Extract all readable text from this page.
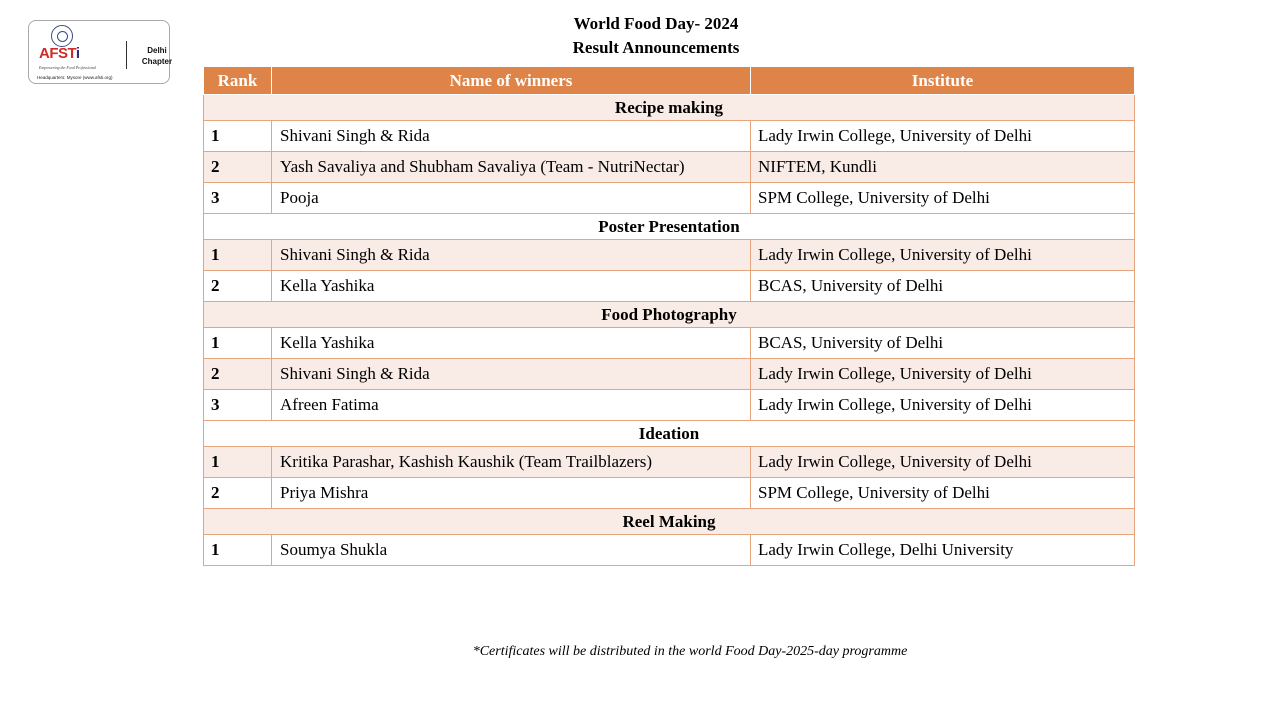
AFSTi
Empowering the Food Professional
Headquarters: Mysore (www.afsti.org)
Delhi
Chapter
World Food Day- 2024
Result Announcements
Rank	Name of winners	Institute
Recipe making		
1	Shivani Singh & Rida	Lady Irwin College, University of Delhi
2	Yash Savaliya and Shubham Savaliya (Team - NutriNectar)	NIFTEM, Kundli
3	Pooja	SPM College, University of Delhi
Poster Presentation		
1	Shivani Singh & Rida	Lady Irwin College, University of Delhi
2	Kella Yashika	BCAS, University of Delhi
Food Photography		
1	Kella Yashika	BCAS, University of Delhi
2	Shivani Singh & Rida	Lady Irwin College, University of Delhi
3	Afreen Fatima	Lady Irwin College, University of Delhi
Ideation		
1	Kritika Parashar, Kashish Kaushik (Team Trailblazers)	Lady Irwin College, University of Delhi
2	Priya Mishra	SPM College, University of Delhi
Reel Making		
1	Soumya Shukla	Lady Irwin College, Delhi University
*Certificates will be distributed in the world Food Day-2025-day programme
